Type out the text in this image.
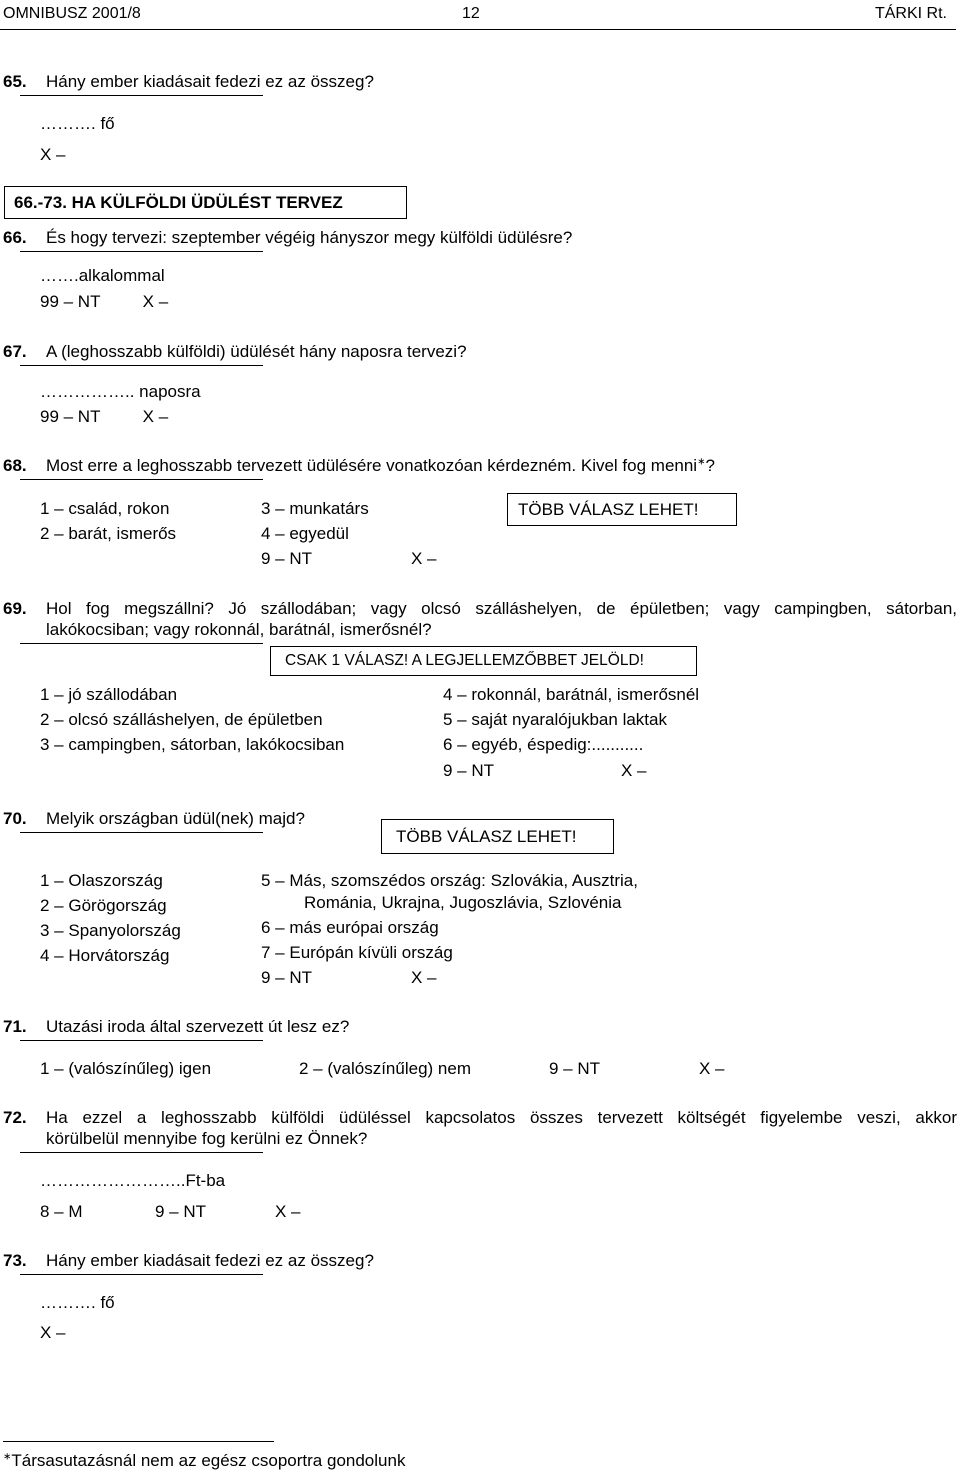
OMNIBUSZ 2001/8	12	TÁRKI Rt.
65. Hány ember kiadásait fedezi ez az összeg?
………. fő
X –
66.-73. HA KÜLFÖLDI ÜDÜLÉST TERVEZ
66. És hogy tervezi: szeptember végéig hányszor megy külföldi üdülésre?
…….alkalommal
99 – NT         X –
67. A (leghosszabb külföldi) üdülését hány naposra tervezi?
…………….. naposra
99 – NT         X –
68. Most erre a leghosszabb tervezett üdülésére vonatkozóan kérdezném. Kivel fog menni∗?
TÖBB VÁLASZ LEHET!
1 – család, rokon
2 – barát, ismerős
3 – munkatárs
4 – egyedül
9 – NT	X –
69. Hol fog megszállni? Jó szállodában; vagy olcsó szálláshelyen, de épületben; vagy campingben, sátorban,
lakókocsiban; vagy rokonnál, barátnál, ismerősnél?
CSAK 1 VÁLASZ! A LEGJELLEMZŐBBET JELÖLD!
1 – jó szállodában
2 – olcsó szálláshelyen, de épületben
3 – campingben, sátorban, lakókocsiban
4 – rokonnál, barátnál, ismerősnél
5 – saját nyaralójukban laktak
6 – egyéb, éspedig:...........
9 – NT	X –
70. Melyik országban üdül(nek) majd?
TÖBB VÁLASZ LEHET!
1 – Olaszország
2 – Görögország
3 – Spanyolország
4 – Horvátország
5 – Más, szomszédos ország: Szlovákia, Ausztria,
Románia, Ukrajna, Jugoszlávia, Szlovénia
6 – más európai ország
7 – Európán kívüli ország
9 – NT	X –
71. Utazási iroda által szervezett út lesz ez?
1 – (valószínűleg) igen	2 – (valószínűleg) nem	9 – NT	X –
72. Ha ezzel a leghosszabb külföldi üdüléssel kapcsolatos összes tervezett költségét figyelembe veszi, akkor
körülbelül mennyibe fog kerülni ez Önnek?
……………………..Ft-ba
8 – M	9 – NT	X –
73. Hány ember kiadásait fedezi ez az összeg?
………. fő
X –
∗Társasutazásnál nem az egész csoportra gondolunk
